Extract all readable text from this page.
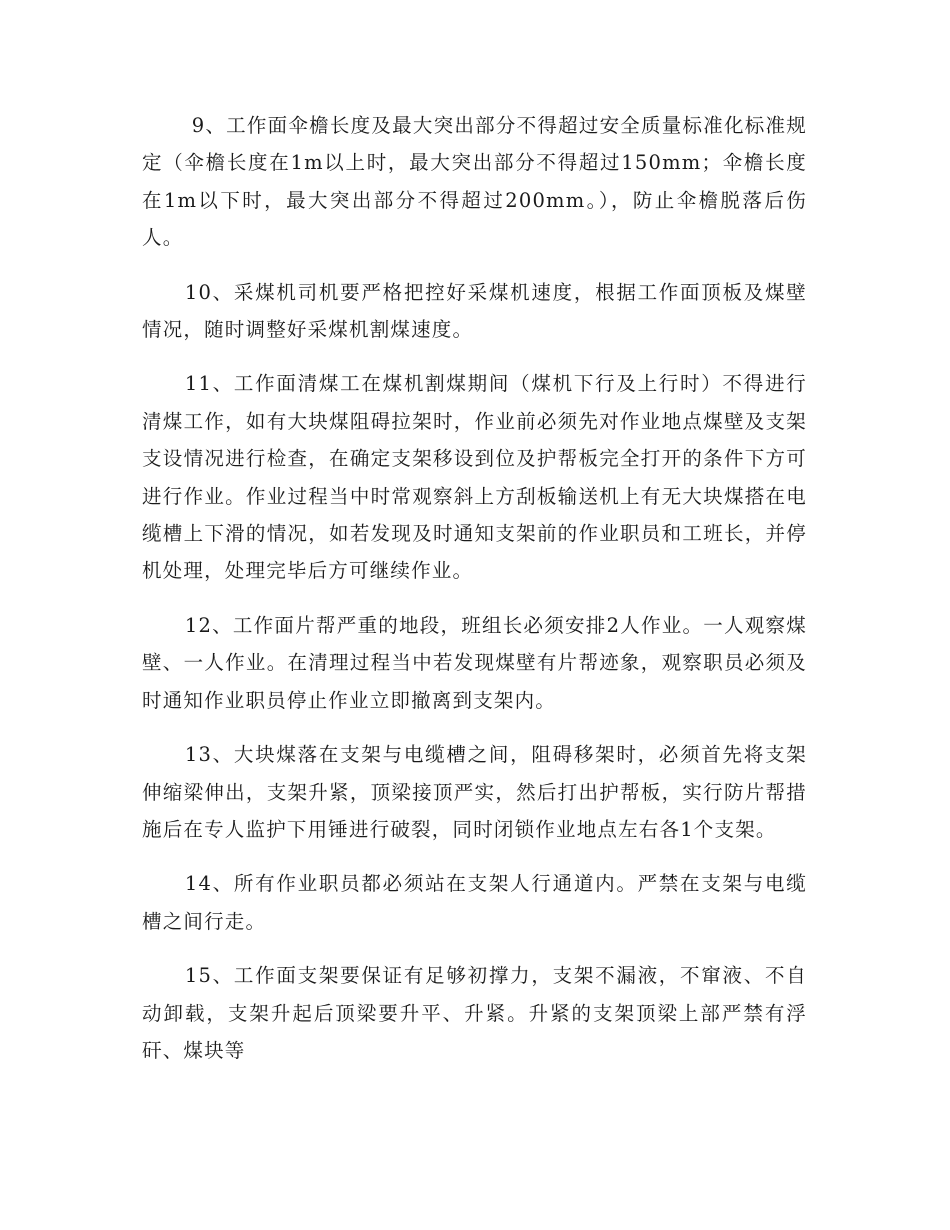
9、工作面伞檐长度及最大突出部分不得超过安全质量标准化标准规定（伞檐长度在1m以上时，最大突出部分不得超过150mm；伞檐长度在1m以下时，最大突出部分不得超过200mm。），防止伞檐脱落后伤人。

10、采煤机司机要严格把控好采煤机速度，根据工作面顶板及煤壁情况，随时调整好采煤机割煤速度。

11、工作面清煤工在煤机割煤期间（煤机下行及上行时）不得进行清煤工作，如有大块煤阻碍拉架时，作业前必须先对作业地点煤壁及支架支设情况进行检查，在确定支架移设到位及护帮板完全打开的条件下方可进行作业。作业过程当中时常观察斜上方刮板输送机上有无大块煤搭在电缆槽上下滑的情况，如若发现及时通知支架前的作业职员和工班长，并停机处理，处理完毕后方可继续作业。

12、工作面片帮严重的地段，班组长必须安排2人作业。一人观察煤壁、一人作业。在清理过程当中若发现煤壁有片帮迹象，观察职员必须及时通知作业职员停止作业立即撤离到支架内。

13、大块煤落在支架与电缆槽之间，阻碍移架时，必须首先将支架伸缩梁伸出，支架升紧，顶梁接顶严实，然后打出护帮板，实行防片帮措施后在专人监护下用锤进行破裂，同时闭锁作业地点左右各1个支架。

14、所有作业职员都必须站在支架人行通道内。严禁在支架与电缆槽之间行走。

15、工作面支架要保证有足够初撑力，支架不漏液，不窜液、不自动卸载，支架升起后顶梁要升平、升紧。升紧的支架顶梁上部严禁有浮矸、煤块等
